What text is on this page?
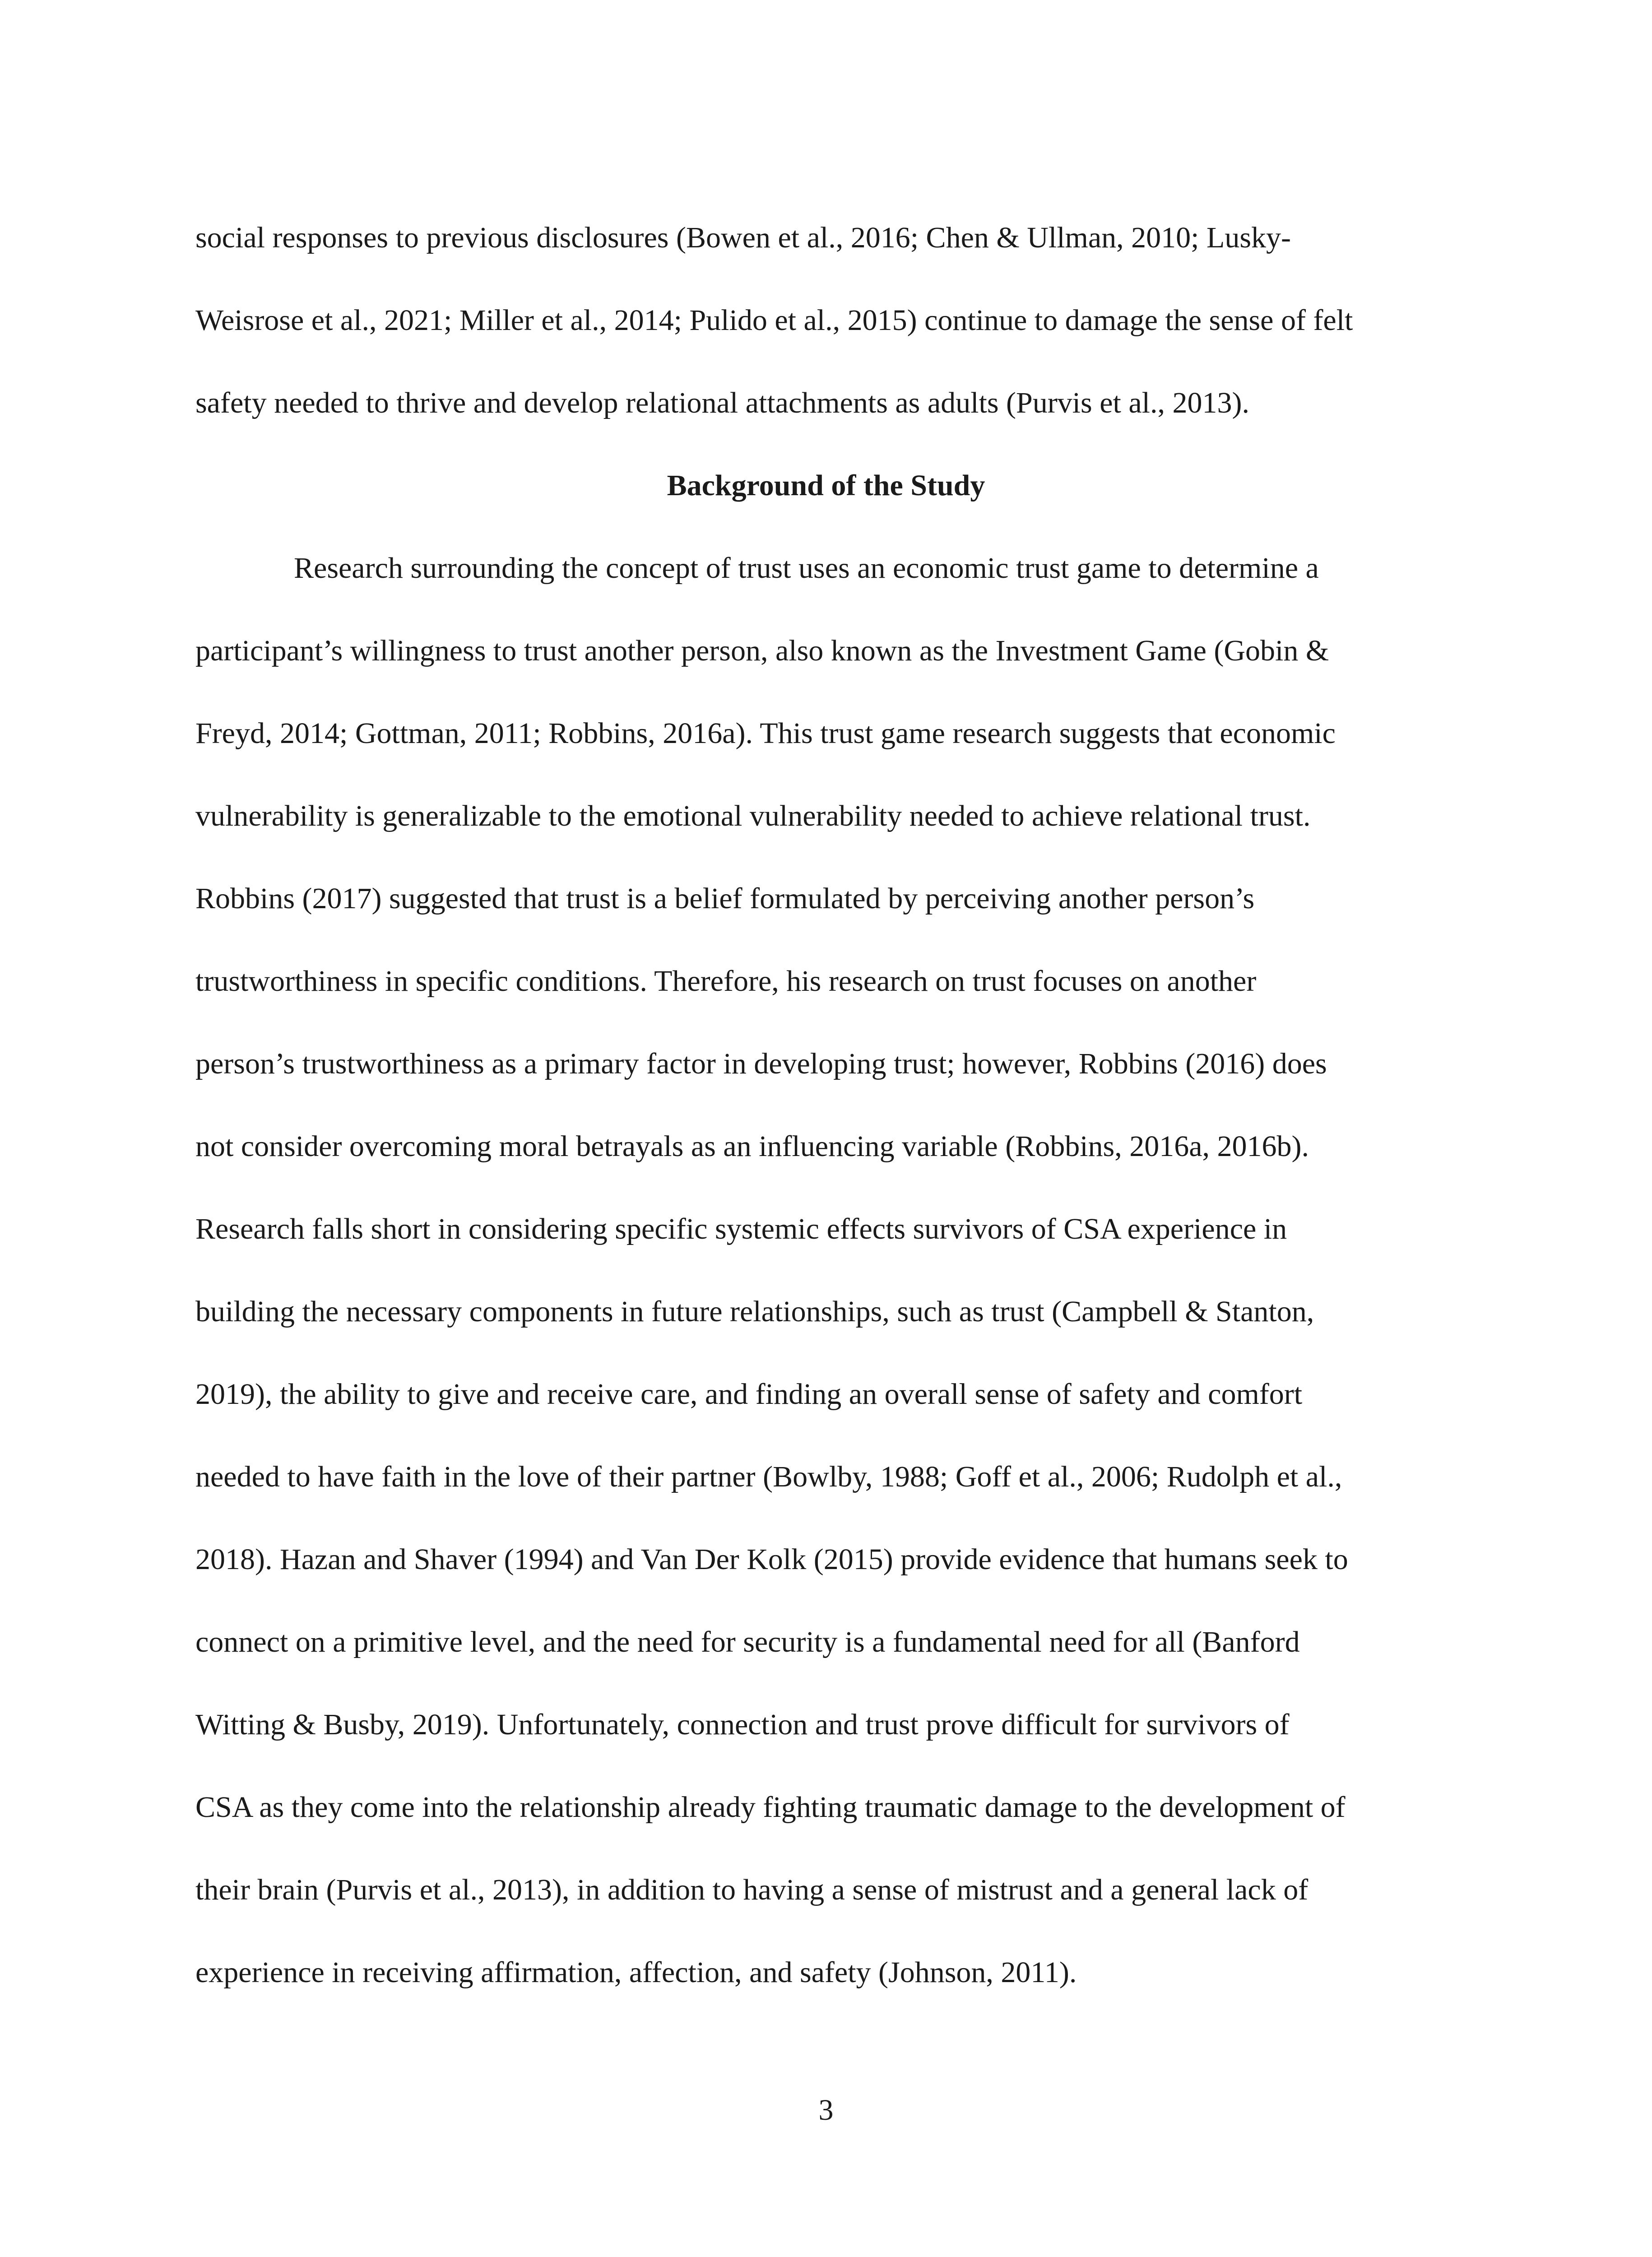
social responses to previous disclosures (Bowen et al., 2016; Chen & Ullman, 2010; Lusky-
Weisrose et al., 2021; Miller et al., 2014; Pulido et al., 2015) continue to damage the sense of felt
safety needed to thrive and develop relational attachments as adults (Purvis et al., 2013).
Background of the Study
Research surrounding the concept of trust uses an economic trust game to determine a
participant’s willingness to trust another person, also known as the Investment Game (Gobin &
Freyd, 2014; Gottman, 2011; Robbins, 2016a). This trust game research suggests that economic
vulnerability is generalizable to the emotional vulnerability needed to achieve relational trust.
Robbins (2017) suggested that trust is a belief formulated by perceiving another person’s
trustworthiness in specific conditions. Therefore, his research on trust focuses on another
person’s trustworthiness as a primary factor in developing trust; however, Robbins (2016) does
not consider overcoming moral betrayals as an influencing variable (Robbins, 2016a, 2016b).
Research falls short in considering specific systemic effects survivors of CSA experience in
building the necessary components in future relationships, such as trust (Campbell & Stanton,
2019), the ability to give and receive care, and finding an overall sense of safety and comfort
needed to have faith in the love of their partner (Bowlby, 1988; Goff et al., 2006; Rudolph et al.,
2018). Hazan and Shaver (1994) and Van Der Kolk (2015) provide evidence that humans seek to
connect on a primitive level, and the need for security is a fundamental need for all (Banford
Witting & Busby, 2019). Unfortunately, connection and trust prove difficult for survivors of
CSA as they come into the relationship already fighting traumatic damage to the development of
their brain (Purvis et al., 2013), in addition to having a sense of mistrust and a general lack of
experience in receiving affirmation, affection, and safety (Johnson, 2011).
3
